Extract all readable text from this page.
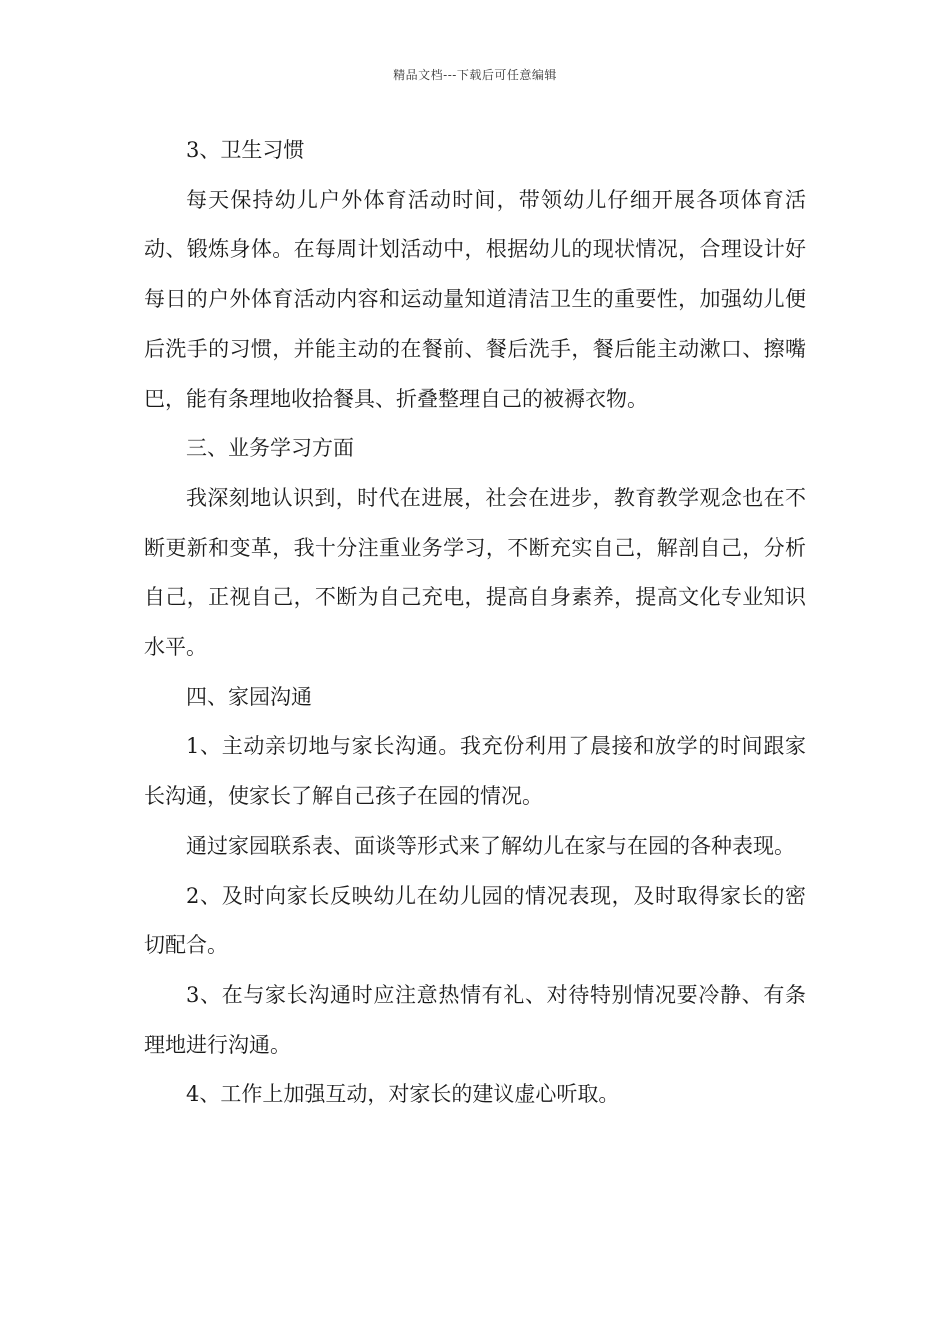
精品文档---下载后可任意编辑

3、卫生习惯

每天保持幼儿户外体育活动时间，带领幼儿仔细开展各项体育活动、锻炼身体。在每周计划活动中，根据幼儿的现状情况，合理设计好每日的户外体育活动内容和运动量知道清洁卫生的重要性，加强幼儿便后洗手的习惯，并能主动的在餐前、餐后洗手，餐后能主动漱口、擦嘴巴，能有条理地收拾餐具、折叠整理自己的被褥衣物。

三、业务学习方面

我深刻地认识到，时代在进展，社会在进步，教育教学观念也在不断更新和变革，我十分注重业务学习，不断充实自己，解剖自己，分析自己，正视自己，不断为自己充电，提高自身素养，提高文化专业知识水平。

四、家园沟通

1、主动亲切地与家长沟通。我充份利用了晨接和放学的时间跟家长沟通，使家长了解自己孩子在园的情况。

通过家园联系表、面谈等形式来了解幼儿在家与在园的各种表现。

2、及时向家长反映幼儿在幼儿园的情况表现，及时取得家长的密切配合。

3、在与家长沟通时应注意热情有礼、对待特别情况要冷静、有条理地进行沟通。

4、工作上加强互动，对家长的建议虚心听取。
